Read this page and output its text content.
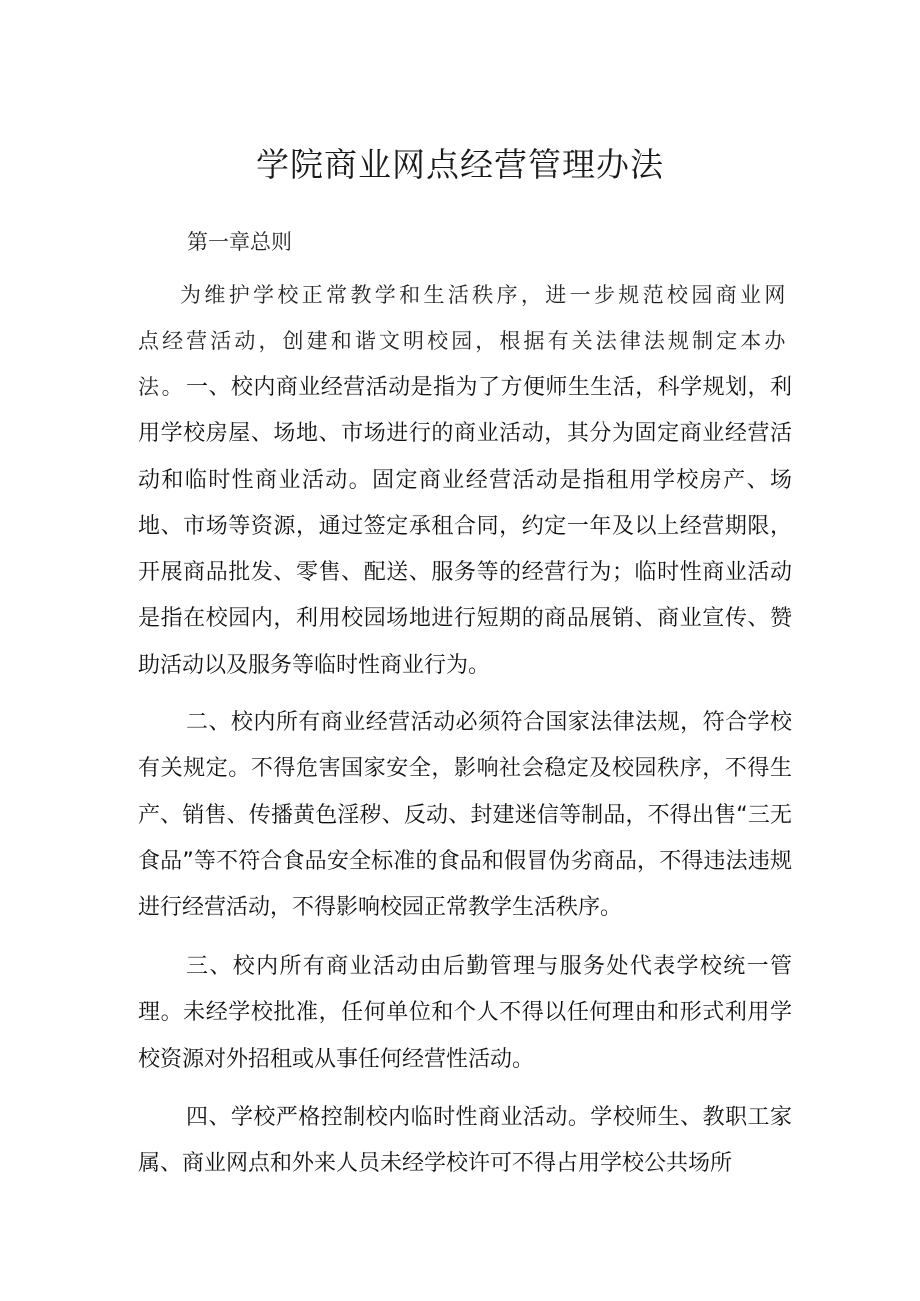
学院商业网点经营管理办法

第一章总则

为维护学校正常教学和生活秩序，进一步规范校园商业网点经营活动，创建和谐文明校园，根据有关法律法规制定本办法。 一、校内商业经营活动是指为了方便师生生活，科学规划，利用学校房屋、场地、市场进行的商业活动，其分为固定商业经营活动和临时性商业活动。固定商业经营活动是指租用学校房产、场地、市场等资源，通过签定承租合同，约定一年及以上经营期限，开展商品批发、零售、配送、服务等的经营行为；临时性商业活动是指在校园内，利用校园场地进行短期的商品展销、商业宣传、赞助活动以及服务等临时性商业行为。

二、校内所有商业经营活动必须符合国家法律法规，符合学校有关规定。不得危害国家安全，影响社会稳定及校园秩序，不得生产、销售、传播黄色淫秽、反动、封建迷信等制品，不得出售“三无食品”等不符合食品安全标准的食品和假冒伪劣商品，不得违法违规进行经营活动，不得影响校园正常教学生活秩序。

三、校内所有商业活动由后勤管理与服务处代表学校统一管理。未经学校批准，任何单位和个人不得以任何理由和形式利用学校资源对外招租或从事任何经营性活动。

四、学校严格控制校内临时性商业活动。学校师生、教职工家属、商业网点和外来人员未经学校许可不得占用学校公共场所
